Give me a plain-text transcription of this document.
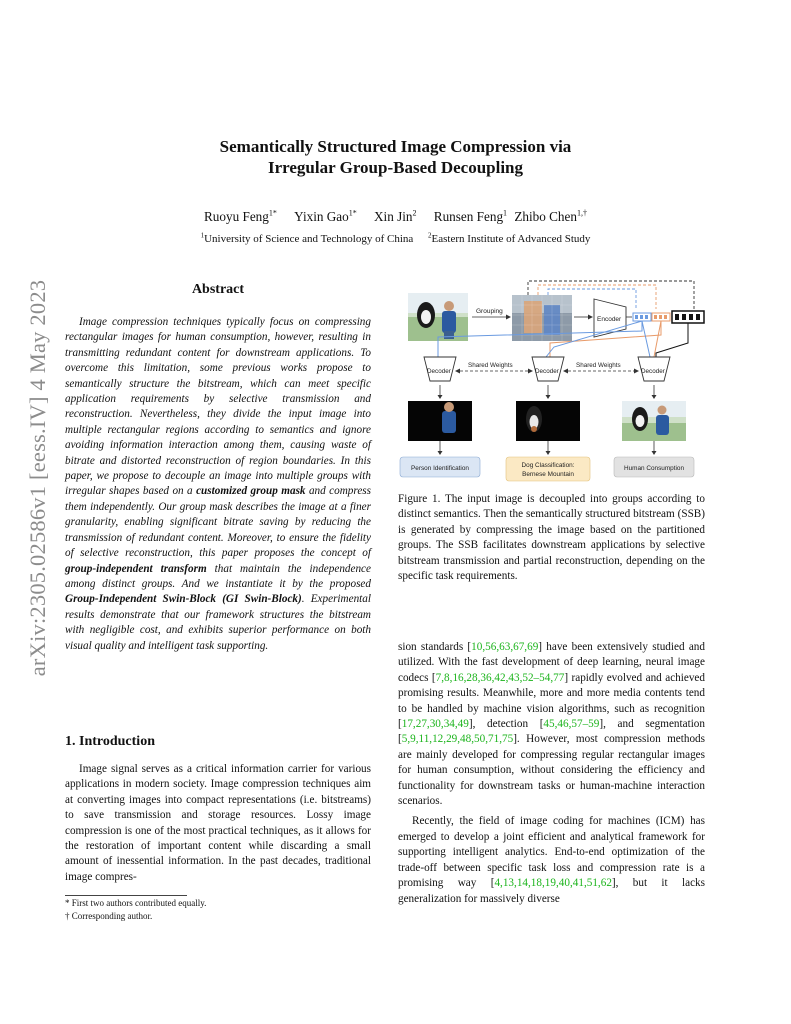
Semantically Structured Image Compression via
Irregular Group-Based Decoupling
Ruoyu Feng$^{1*}$ Yixin Gao$^{1*}$ Xin Jin$^2$ Runsen Feng$^1$ Zhibo Chen$^{1,\dagger}$
$^1$University of Science and Technology of China $^2$Eastern Institute of Advanced Study
arXiv:2305.02586v1 [eess.IV] 4 May 2023	Abstract

Image compression techniques typically focus on compressing rectangular images for human consumption, however, resulting in transmitting redundant content for downstream applications. To overcome this limitation, some previous works propose to semantically structure the bitstream, which can meet specific application requirements by selective transmission and reconstruction. Nevertheless, they divide the input image into multiple rectangular regions according to semantics and ignore avoiding information interaction among them, causing waste of bitrate and distorted reconstruction of region boundaries. In this paper, we propose to decouple an image into multiple groups with irregular shapes based on a customized group mask and compress them independently. Our group mask describes the image at a finer granularity, enabling significant bitrate saving by reducing the transmission of redundant content. Moreover, to ensure the fidelity of selective reconstruction, this paper proposes the concept of group-independent transform that maintain the independence among distinct groups. And we instantiate it by the proposed Group-Independent Swin-Block (GI Swin-Block). Experimental results demonstrate that our framework structures the bitstream with negligible cost, and exhibits superior performance on both visual quality and intelligent task supporting.

1. Introduction

Image signal serves as a critical information carrier for various applications in modern society. Image compression techniques aim at converting images into compact representations (i.e. bitstreams) to save transmission and storage resources. Lossy image compression is one of the most practical techniques, as it allows for the restoration of important content while discarding a small amount of inessential information. In the past decades, traditional image compres-

* First two authors contributed equally.
† Corresponding author.
Grouping
Encoder
Decoder	Decoder	Decoder
Shared Weights	Shared Weights
Person Identification	Dog Classification:
Bernese Mountain
Human Consumption
Figure 1. The input image is decoupled into groups according to distinct semantics. Then the semantically structured bitstream (SSB) is generated by compressing the image based on the partitioned groups. The SSB facilitates downstream applications by selective bitstream transmission and partial reconstruction, depending on the specific task requirements.

sion standards [10,56,63,67,69] have been extensively studied and utilized. With the fast development of deep learning, neural image codecs [7,8,16,28,36,42,43,52–54,77] rapidly evolved and achieved promising results. Meanwhile, more and more media contents tend to be handled by machine vision algorithms, such as recognition [17,27,30,34,49], detection [45,46,57–59], and segmentation [5,9,11,12,29,48,50,71,75]. However, most compression methods are mainly developed for compressing regular rectangular images for human consumption, without considering the efficiency and functionality for downstream tasks or human-machine interaction scenarios.

Recently, the field of image coding for machines (ICM) has emerged to develop a joint efficient and analytical framework for supporting intelligent analytics. End-to-end optimization of the trade-off between specific task loss and compression rate is a promising way [4,13,14,18,19,40,41,51,62], but it lacks generalization for massively diverse
